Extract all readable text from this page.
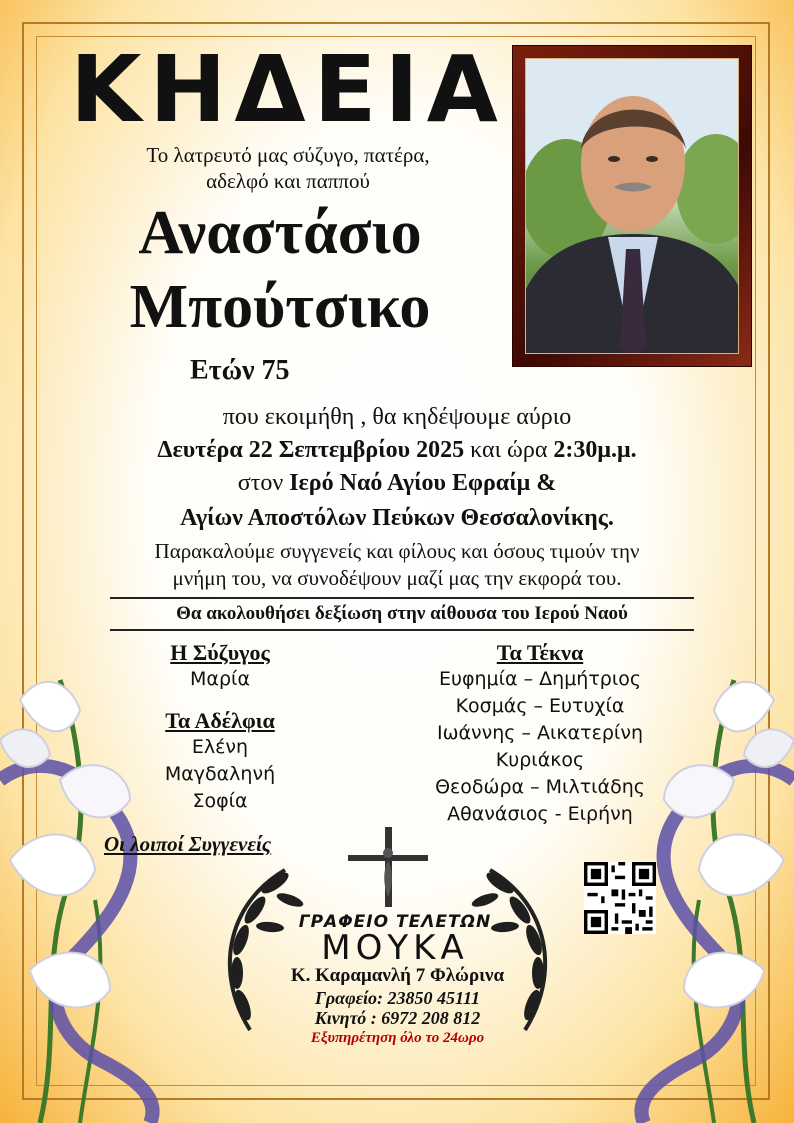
ΚΗΔΕΙΑ
Το λατρευτό μας σύζυγο, πατέρα,
αδελφό και παππού
Αναστάσιο
Μπούτσικο
Ετών 75
που εκοιμήθη , θα κηδέψουμε αύριο
Δευτέρα 22 Σεπτεμβρίου 2025 και ώρα 2:30μ.μ.
στον Ιερό Ναό Αγίου Εφραίμ &
Αγίων Αποστόλων Πεύκων Θεσσαλονίκης.
Παρακαλούμε συγγενείς και φίλους και όσους τιμούν την
μνήμη του, να συνοδέψουν μαζί μας την εκφορά του.
Θα ακολουθήσει δεξίωση στην αίθουσα του Ιερού Ναού
Η Σύζυγος
Μαρία
Τα Αδέλφια
Ελένη
Μαγδαληνή
Σοφία
Τα Τέκνα
Ευφημία – Δημήτριος
Κοσμάς – Ευτυχία
Ιωάννης – Αικατερίνη
Κυριάκος
Θεοδώρα – Μιλτιάδης
Αθανάσιος - Ειρήνη
Οι λοιποί Συγγενείς
ΓΡΑΦΕΙΟ ΤΕΛΕΤΩΝ
ΜΟΥΚΑ
Κ. Καραμανλή 7 Φλώρινα
Γραφείο: 23850 45111
Κινητό : 6972 208 812
Εξυπηρέτηση όλο το 24ωρο
